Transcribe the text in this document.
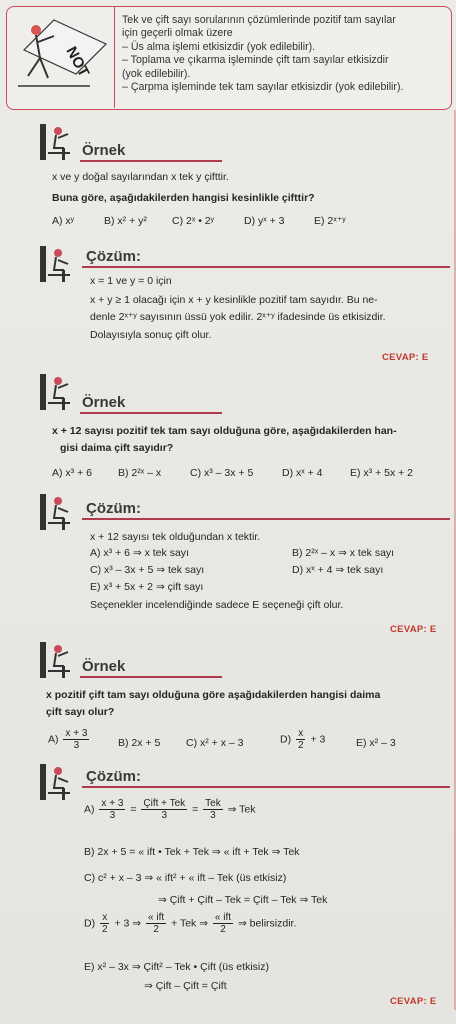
NOT
Tek ve çift sayı sorularının çözümlerinde pozitif tam sayılar
için geçerli olmak üzere
– Üs alma işlemi etkisizdir (yok edilebilir).
– Toplama ve çıkarma işleminde çift tam sayılar etkisizdir
(yok edilebilir).
– Çarpma işleminde tek tam sayılar etkisizdir (yok edilebilir).
Örnek
x ve y doğal sayılarından x tek y çifttir.
Buna göre, aşağıdakilerden hangisi kesinlikle çifttir?
A) xʸ	B) x² + y² C) 2ˣ • 2ʸ	D) yˣ + 3	E) 2ˣ⁺ʸ
Çözüm:
x = 1 ve y = 0 için
x + y ≥ 1 olacağı için x + y kesinlikle pozitif tam sayıdır. Bu ne-
denle 2ˣ⁺ʸ sayısının üssü yok edilir. 2ˣ⁺ʸ ifadesinde üs etkisizdir.
Dolayısıyla sonuç çift olur.
CEVAP: E
Örnek
x + 12 sayısı pozitif tek tam sayı olduğuna göre, aşağıdakilerden han-
gisi daima çift sayıdır?
A) x³ + 6 B) 2²ˣ – x	C) x³ – 3x + 5	D) xˣ + 4	E) x³ + 5x + 2
Çözüm:
x + 12 sayısı tek olduğundan x tektir.
A) x³ + 6 ⇒ x tek sayı	B) 2²ˣ – x ⇒ x tek sayı
C) x³ – 3x + 5 ⇒ tek sayı	D) xˣ + 4 ⇒ tek sayı
E) x³ + 5x + 2 ⇒ çift sayı
Seçenekler incelendiğinde sadece E seçeneği çift olur.
CEVAP: E
Örnek
x pozitif çift tam sayı olduğuna göre aşağıdakilerden hangisi daima
çift sayı olur?
$A) \frac{x + 3}{3}$	B) 2x + 5 C) x² + x – 3	$D) \frac{x}{2} + 3$	E) x² – 3
Çözüm:
$A) \frac{x + 3}{3} = \frac{\text{Çift + Tek}}{3} = \frac{\text{Tek}}{3}$ ⇒ Tek
B) 2x + 5 = « ift • Tek + Tek ⇒ « ift + Tek ⇒ Tek
C) c² + x – 3 ⇒ « ift² + « ift – Tek (üs etkisiz)
⇒ Çift + Çift – Tek = Çift – Tek ⇒ Tek
$D) \frac{x}{2} + 3$ ⇒ $\frac{\text{« ift}}{2}$ + Tek ⇒ $\frac{\text{« ift}}{2}$ ⇒ belirsizdir.
E) x² – 3x ⇒ Çift² – Tek • Çift (üs etkisiz)
⇒ Çift – Çift = Çift
CEVAP: E
